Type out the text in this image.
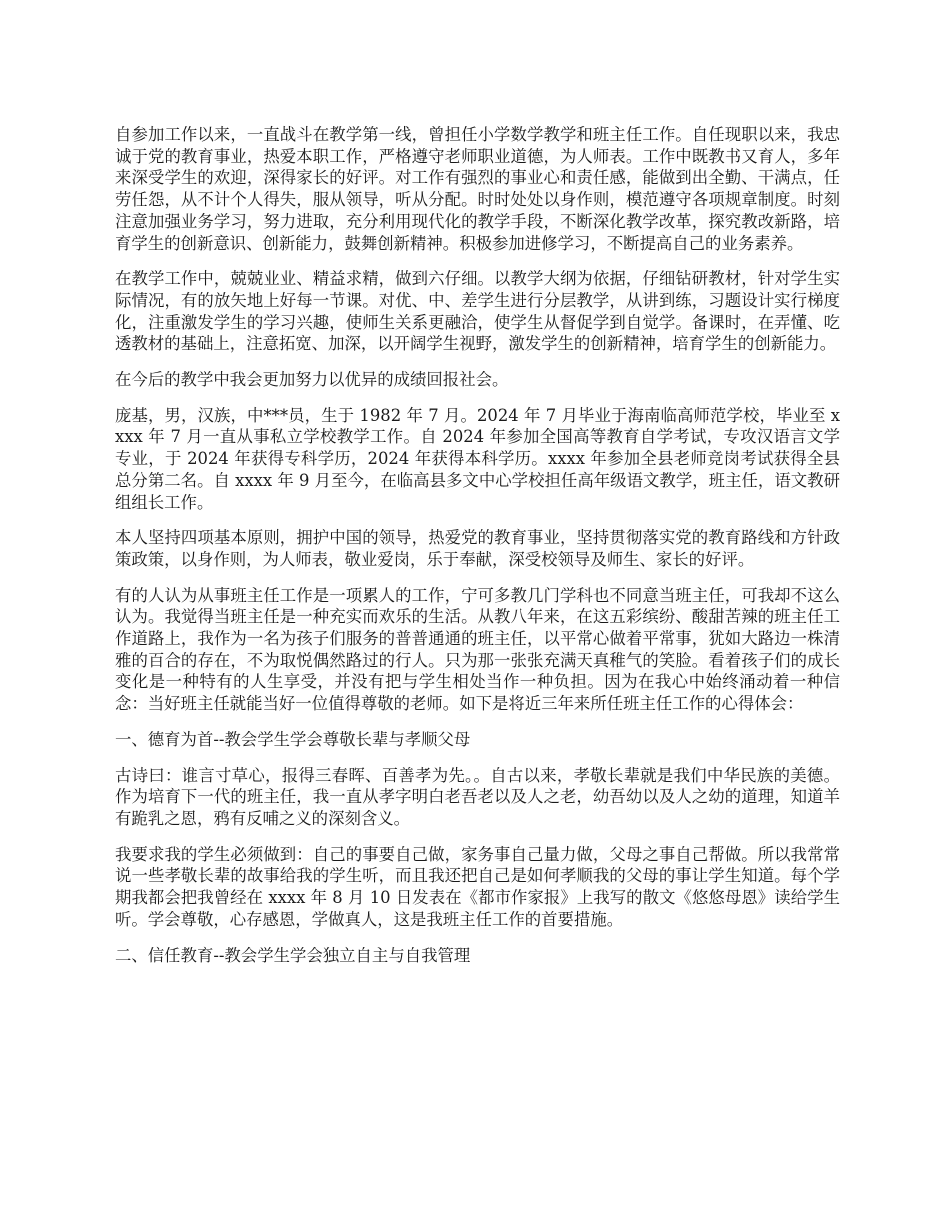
自参加工作以来，一直战斗在教学第一线，曾担任小学数学教学和班主任工作。自任现职以来，我忠诚于党的教育事业，热爱本职工作，严格遵守老师职业道德，为人师表。工作中既教书又育人，多年来深受学生的欢迎，深得家长的好评。对工作有强烈的事业心和责任感，能做到出全勤、干满点，任劳任怨，从不计个人得失，服从领导，听从分配。时时处处以身作则，模范遵守各项规章制度。时刻注意加强业务学习，努力进取，充分利用现代化的教学手段，不断深化教学改革，探究教改新路，培育学生的创新意识、创新能力，鼓舞创新精神。积极参加进修学习，不断提高自己的业务素养。

在教学工作中，兢兢业业、精益求精，做到六仔细。以教学大纲为依据，仔细钻研教材，针对学生实际情况，有的放矢地上好每一节课。对优、中、差学生进行分层教学，从讲到练，习题设计实行梯度化，注重激发学生的学习兴趣，使师生关系更融洽，使学生从督促学到自觉学。备课时，在弄懂、吃透教材的基础上，注意拓宽、加深，以开阔学生视野，激发学生的创新精神，培育学生的创新能力。

在今后的教学中我会更加努力以优异的成绩回报社会。

庞基，男，汉族，中***员，生于 1982 年 7 月。2024 年 7 月毕业于海南临高师范学校，毕业至 xxxx 年 7 月一直从事私立学校教学工作。自 2024 年参加全国高等教育自学考试，专攻汉语言文学专业，于 2024 年获得专科学历，2024 年获得本科学历。xxxx 年参加全县老师竞岗考试获得全县总分第二名。自 xxxx 年 9 月至今，在临高县多文中心学校担任高年级语文教学，班主任，语文教研组组长工作。

本人坚持四项基本原则，拥护中国的领导，热爱党的教育事业，坚持贯彻落实党的教育路线和方针政策政策，以身作则，为人师表，敬业爱岗，乐于奉献，深受校领导及师生、家长的好评。

有的人认为从事班主任工作是一项累人的工作，宁可多教几门学科也不同意当班主任，可我却不这么认为。我觉得当班主任是一种充实而欢乐的生活。从教八年来，在这五彩缤纷、酸甜苦辣的班主任工作道路上，我作为一名为孩子们服务的普普通通的班主任，以平常心做着平常事，犹如大路边一株清雅的百合的存在，不为取悦偶然路过的行人。只为那一张张充满天真稚气的笑脸。看着孩子们的成长变化是一种特有的人生享受，并没有把与学生相处当作一种负担。因为在我心中始终涌动着一种信念：当好班主任就能当好一位值得尊敬的老师。如下是将近三年来所任班主任工作的心得体会：

一、德育为首--教会学生学会尊敬长辈与孝顺父母

古诗曰：谁言寸草心，报得三春晖、百善孝为先。。自古以来，孝敬长辈就是我们中华民族的美德。作为培育下一代的班主任，我一直从孝字明白老吾老以及人之老，幼吾幼以及人之幼的道理，知道羊有跪乳之恩，鸦有反哺之义的深刻含义。

我要求我的学生必须做到：自己的事要自己做，家务事自己量力做，父母之事自己帮做。所以我常常说一些孝敬长辈的故事给我的学生听，而且我还把自己是如何孝顺我的父母的事让学生知道。每个学期我都会把我曾经在 xxxx 年 8 月 10 日发表在《都市作家报》上我写的散文《悠悠母恩》读给学生听。学会尊敬，心存感恩，学做真人，这是我班主任工作的首要措施。

二、信任教育--教会学生学会独立自主与自我管理
